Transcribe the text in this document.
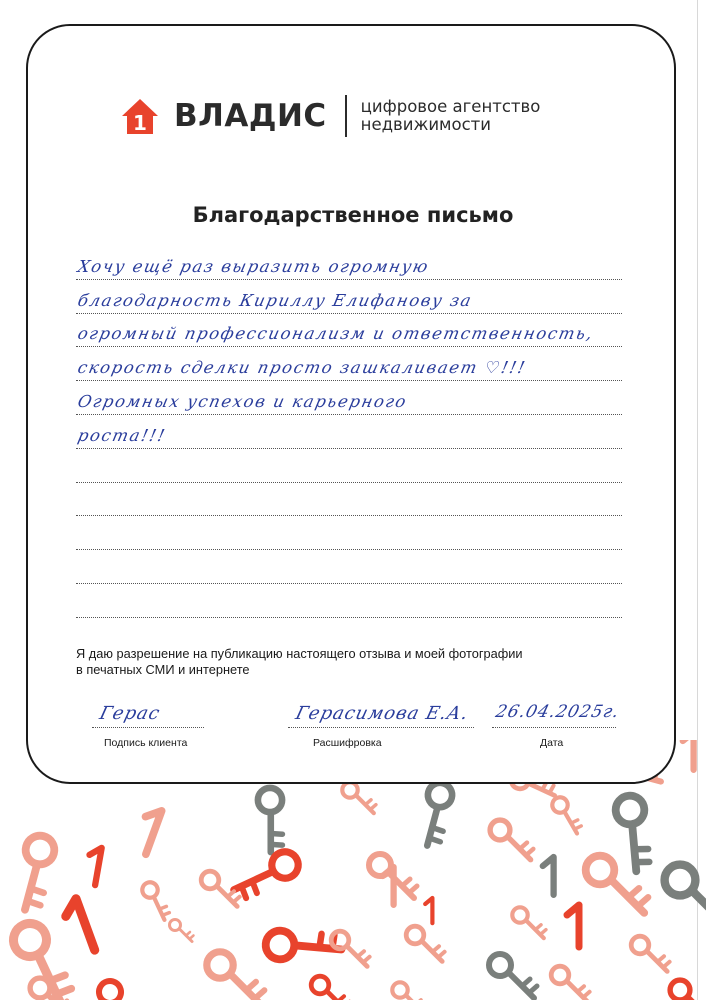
1 ВЛАДИС цифровое агентство
недвижимости
Благодарственное письмо
Хочу ещё раз выразить огромную
благодарность Кириллу Елифанову за
огромный профессионализм и ответственность,
скорость сделки просто зашкаливает ♡!!!
Огромных успехов и карьерного
роста!!!
Я даю разрешение на публикацию настоящего отзыва и моей фотографии
в печатных СМИ и интернете
Герас
Подпись клиента
Герасимова Е.А.
Расшифровка
26.04.2025г.
Дата
